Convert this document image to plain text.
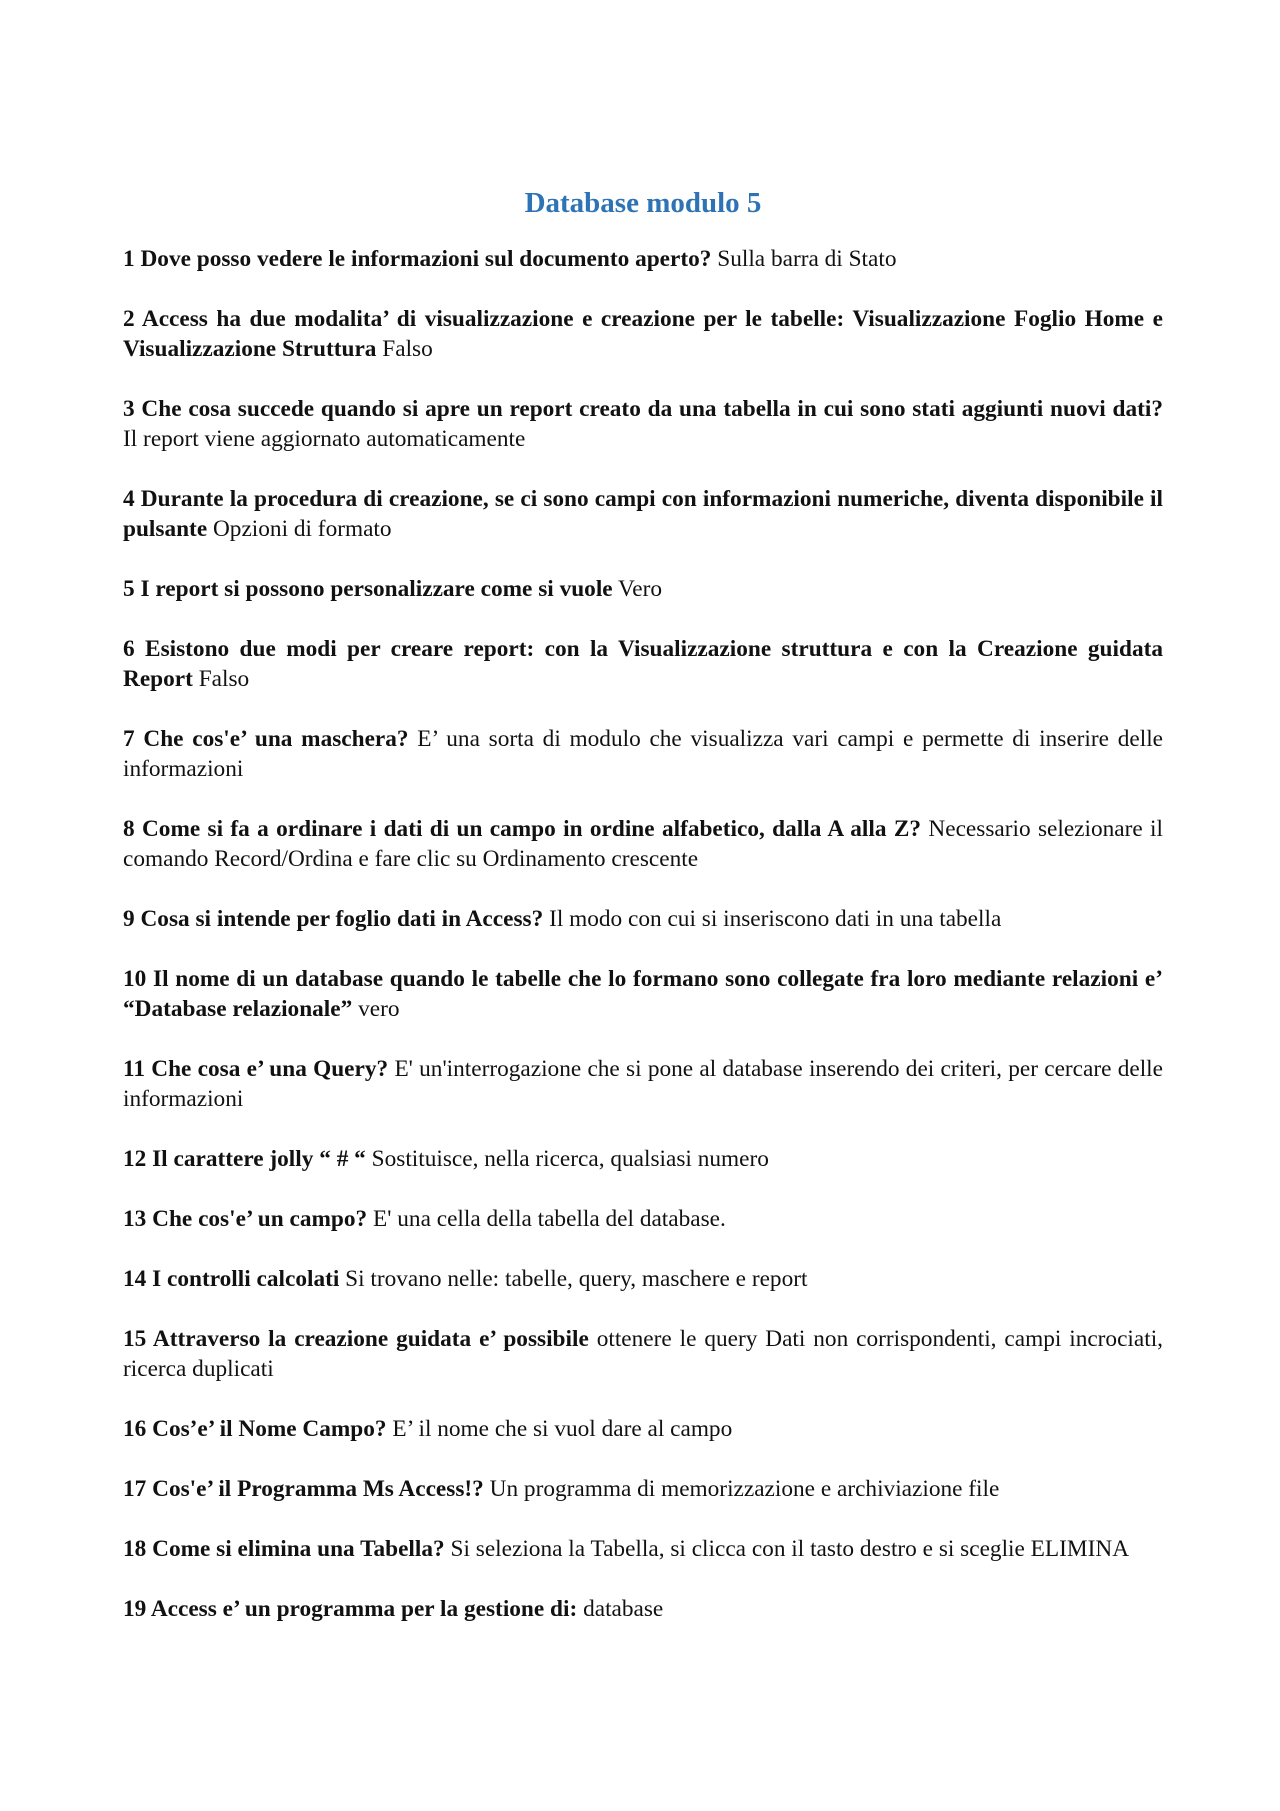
Database modulo 5

1 Dove posso vedere le informazioni sul documento aperto? Sulla barra di Stato

2 Access ha due modalita’ di visualizzazione e creazione per le tabelle: Visualizzazione Foglio Home e Visualizzazione Struttura Falso

3 Che cosa succede quando si apre un report creato da una tabella in cui sono stati aggiunti nuovi dati? Il report viene aggiornato automaticamente

4 Durante la procedura di creazione, se ci sono campi con informazioni numeriche, diventa disponibile il pulsante Opzioni di formato

5 I report si possono personalizzare come si vuole Vero

6 Esistono due modi per creare report: con la Visualizzazione struttura e con la Creazione guidata Report Falso

7 Che cos'e’ una maschera? E’ una sorta di modulo che visualizza vari campi e permette di inserire delle informazioni

8 Come si fa a ordinare i dati di un campo in ordine alfabetico, dalla A alla Z? Necessario selezionare il comando Record/Ordina e fare clic su Ordinamento crescente

9 Cosa si intende per foglio dati in Access? Il modo con cui si inseriscono dati in una tabella

10 Il nome di un database quando le tabelle che lo formano sono collegate fra loro mediante relazioni e’ “Database relazionale” vero

11 Che cosa e’ una Query? E' un'interrogazione che si pone al database inserendo dei criteri, per cercare delle informazioni

12 Il carattere jolly “ # “ Sostituisce, nella ricerca, qualsiasi numero

13 Che cos'e’ un campo? E' una cella della tabella del database.

14 I controlli calcolati Si trovano nelle: tabelle, query, maschere e report

15 Attraverso la creazione guidata e’ possibile ottenere le query Dati non corrispondenti, campi incrociati, ricerca duplicati

16 Cos’e’ il Nome Campo? E’ il nome che si vuol dare al campo

17 Cos'e’ il Programma Ms Access!? Un programma di memorizzazione e archiviazione file

18 Come si elimina una Tabella? Si seleziona la Tabella, si clicca con il tasto destro e si sceglie ELIMINA

19 Access e’ un programma per la gestione di: database
